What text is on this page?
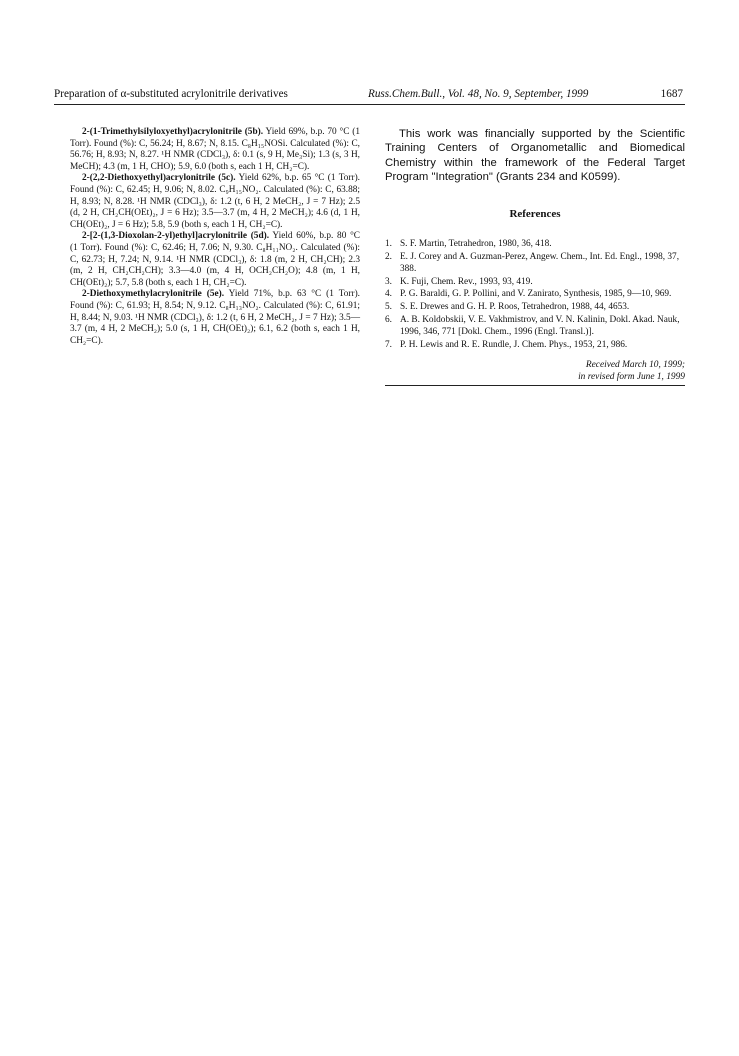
Preparation of α-substituted acrylonitrile derivatives	Russ.Chem.Bull., Vol. 48, No. 9, September, 1999	1687

2-(1-Trimethylsilyloxyethyl)acrylonitrile (5b). Yield 69%, b.p. 70 °C (1 Torr). Found (%): C, 56.24; H, 8.67; N, 8.15. C₈H₁₅NOSi. Calculated (%): C, 56.76; H, 8.93; N, 8.27. ¹H NMR (CDCl₃), δ: 0.1 (s, 9 H, Me₃Si); 1.3 (s, 3 H, MeCH); 4.3 (m, 1 H, CHO); 5.9, 6.0 (both s, each 1 H, CH₂=C).

2-(2,2-Diethoxyethyl)acrylonitrile (5c). Yield 62%, b.p. 65 °C (1 Torr). Found (%): C, 62.45; H, 9.06; N, 8.02. C₉H₁₅NO₂. Calculated (%): C, 63.88; H, 8.93; N, 8.28. ¹H NMR (CDCl₃), δ: 1.2 (t, 6 H, 2 MeCH₂, J = 7 Hz); 2.5 (d, 2 H, CH₂CH(OEt)₂, J = 6 Hz); 3.5—3.7 (m, 4 H, 2 MeCH₂); 4.6 (d, 1 H, CH(OEt)₂, J = 6 Hz); 5.8, 5.9 (both s, each 1 H, CH₂=C).

2-[2-(1,3-Dioxolan-2-yl)ethyl]acrylonitrile (5d). Yield 60%, b.p. 80 °C (1 Torr). Found (%): C, 62.46; H, 7.06; N, 9.30. C₈H₁₁NO₂. Calculated (%): C, 62.73; H, 7.24; N, 9.14. ¹H NMR (CDCl₃), δ: 1.8 (m, 2 H, CH₂CH); 2.3 (m, 2 H, CH₂CH₂CH); 3.3—4.0 (m, 4 H, OCH₂CH₂O); 4.8 (m, 1 H, CH(OEt)₂); 5.7, 5.8 (both s, each 1 H, CH₂=C).

2-Diethoxymethylacrylonitrile (5e). Yield 71%, b.p. 63 °C (1 Torr). Found (%): C, 61.93; H, 8.54; N, 9.12. C₈H₁₃NO₂. Calculated (%): C, 61.91; H, 8.44; N, 9.03. ¹H NMR (CDCl₃), δ: 1.2 (t, 6 H, 2 MeCH₂, J = 7 Hz); 3.5—3.7 (m, 4 H, 2 MeCH₂); 5.0 (s, 1 H, CH(OEt)₂); 6.1, 6.2 (both s, each 1 H, CH₂=C).

This work was financially supported by the Scientific Training Centers of Organometallic and Biomedical Chemistry within the framework of the Federal Target Program "Integration" (Grants 234 and K0599).

References
1. S. F. Martin, Tetrahedron, 1980, 36, 418.
2. E. J. Corey and A. Guzman-Perez, Angew. Chem., Int. Ed. Engl., 1998, 37, 388.
3. K. Fuji, Chem. Rev., 1993, 93, 419.
4. P. G. Baraldi, G. P. Pollini, and V. Zanirato, Synthesis, 1985, 9—10, 969.
5. S. E. Drewes and G. H. P. Roos, Tetrahedron, 1988, 44, 4653.
6. A. B. Koldobskii, V. E. Vakhmistrov, and V. N. Kalinin, Dokl. Akad. Nauk, 1996, 346, 771 [Dokl. Chem., 1996 (Engl. Transl.)].
7. P. H. Lewis and R. E. Rundle, J. Chem. Phys., 1953, 21, 986.
Received March 10, 1999;
in revised form June 1, 1999
